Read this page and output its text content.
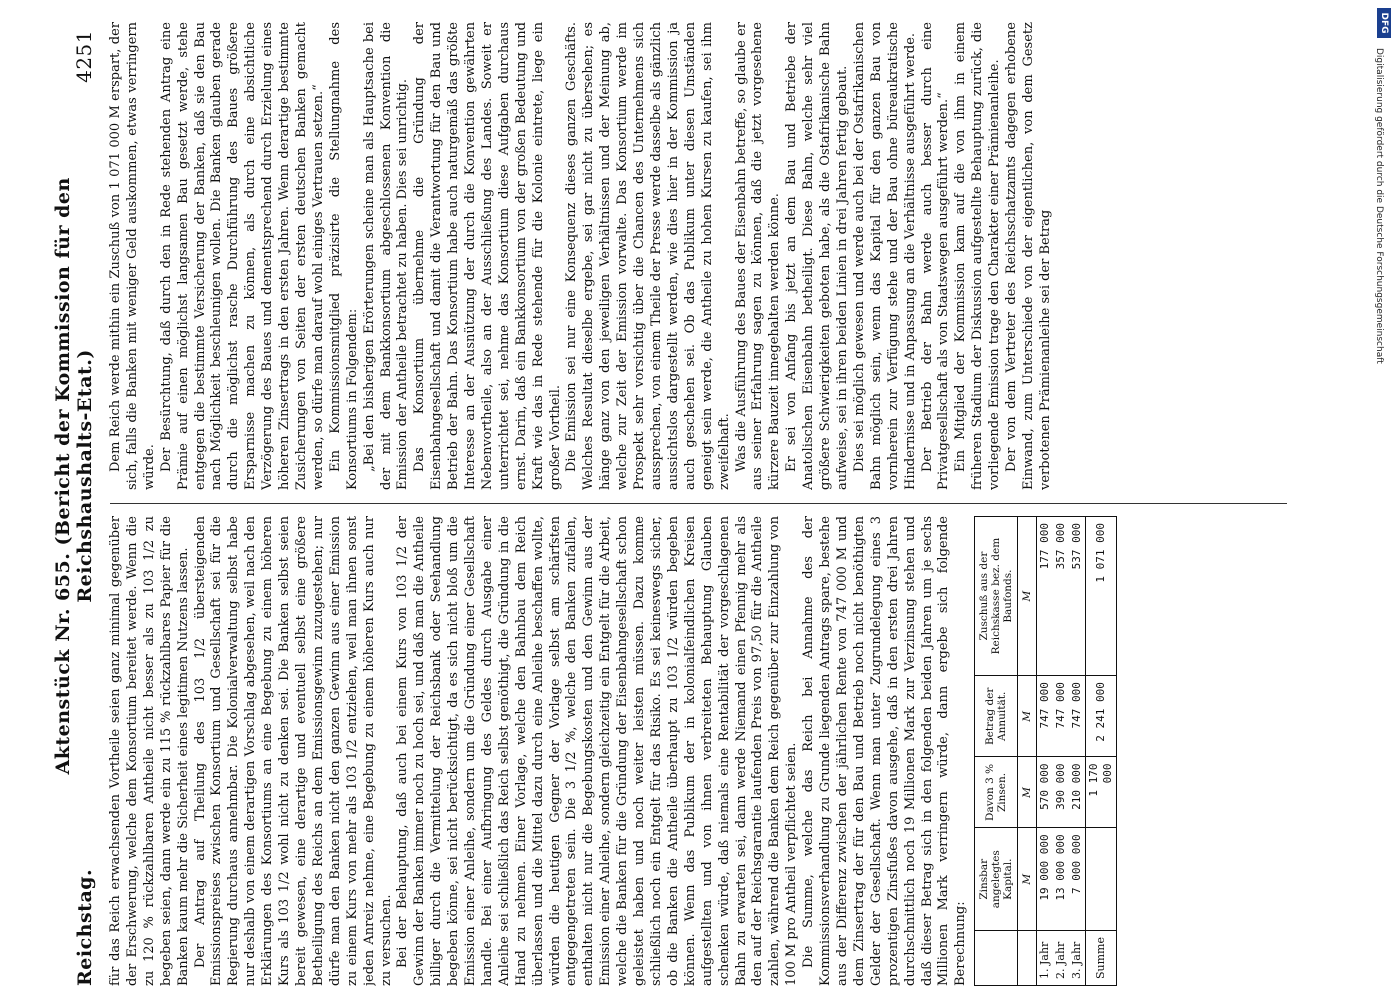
Reichstag.
Aktenstück Nr. 655. (Bericht der Kommission für den Reichshaushalts-Etat.)
4251

für das Reich erwachsenden Vortheile seien ganz minimal gegenüber der Erschwerung, welche dem Konsortium bereitet werde. Wenn die zu 120 % rückzahlbaren Antheile nicht besser als zu 103 1/2 zu begeben seien, dann werde ein zu 115 % rückzahlbares Papier für die Banken kaum mehr die Sicherheit eines legitimen Nutzens lassen. Der Antrag auf Theilung des 103 1/2 übersteigenden Emissionspreises zwischen Konsortium und Gesellschaft sei für die Regierung durchaus annehmbar. Die Kolonialverwaltung selbst habe nur deshalb von einem derartigen Vorschlag abgesehen, weil nach den Erklärungen des Konsortiums an eine Begebung zu einem höheren Kurs als 103 1/2 wohl nicht zu denken sei. Die Banken selbst seien bereit gewesen, eine derartige und eventuell selbst eine größere Betheiligung des Reichs an dem Emissionsgewinn zuzugestehen; nur dürfe man den Banken nicht den ganzen Gewinn aus einer Emission zu einem Kurs von mehr als 103 1/2 entziehen, weil man ihnen sonst jeden Anreiz nehme, eine Begebung zu einem höheren Kurs auch nur zu versuchen. Bei der Behauptung, daß auch bei einem Kurs von 103 1/2 der Gewinn der Banken immer noch zu hoch sei, und daß man die Antheile billiger durch die Vermittelung der Reichsbank oder Seehandlung begeben könne, sei nicht berücksichtigt, da es sich nicht bloß um die Emission einer Anleihe, sondern um die Gründung einer Gesellschaft handle. Bei einer Aufbringung des Geldes durch Ausgabe einer Anleihe sei schließlich das Reich selbst genöthigt, die Gründung in die Hand zu nehmen. Einer Vorlage, welche den Bahnbau dem Reich überlassen und die Mittel dazu durch eine Anleihe beschaffen wollte, würden die heutigen Gegner der Vorlage selbst am schärfsten entgegengetreten sein. Die 3 1/2 %, welche den Banken zufallen, enthalten nicht nur die Begebungskosten und den Gewinn aus der Emission einer Anleihe, sondern gleichzeitig ein Entgelt für die Arbeit, welche die Banken für die Gründung der Eisenbahngesellschaft schon geleistet haben und noch weiter leisten müssen. Dazu komme schließlich noch ein Entgelt für das Risiko. Es sei keineswegs sicher, ob die Banken die Antheile überhaupt zu 103 1/2 würden begeben können. Wenn das Publikum der in kolonialfeindlichen Kreisen aufgestellten und von ihnen verbreiteten Behauptung Glauben schenken würde, daß niemals eine Rentabilität der vorgeschlagenen Bahn zu erwarten sei, dann werde Niemand einen Pfennig mehr als den auf der Reichsgarantie laufenden Preis von 97,50 für die Antheile zahlen, während die Banken dem Reich gegenüber zur Einzahlung von 100 M pro Antheil verpflichtet seien. Die Summe, welche das Reich bei Annahme des der Kommissionsverhandlung zu Grunde liegenden Antrags spare, bestehe aus der Differenz zwischen der jährlichen Rente von 747 000 M und dem Zinsertrag der für den Bau und Betrieb noch nicht benöthigten Gelder der Gesellschaft. Wenn man unter Zugrundelegung eines 3 prozentigen Zinsfußes davon ausgehe, daß in den ersten drei Jahren durchschnittlich noch 19 Millionen Mark zur Verzinsung stehen und daß dieser Betrag sich in den folgenden beiden Jahren um je sechs Millionen Mark verringern würde, dann ergebe sich folgende Berechnung:

	Zinsbar angelegtes Kapital.	Davon 3 % Zinsen.	Betrag der Annuität.	Zuschuß aus der Reichskasse bez. dem Baufonds.
	M	M	M	M
1. Jahr	19 000 000	570 000	747 000	177 000
2. Jahr	13 000 000	390 000	747 000	357 000
3. Jahr	7 000 000	210 000	747 000	537 000
Summe		1 170 000	2 241 000	1 071 000

Dem Reich werde mithin ein Zuschuß von 1 071 000 M erspart, der sich, falls die Banken mit weniger Geld auskommen, etwas verringern würde. Der Besürchtung, daß durch den in Rede stehenden Antrag eine Prämie auf einen möglichst langsamen Bau gesetzt werde, stehe entgegen die bestimmte Versicherung der Banken, daß sie den Bau nach Möglichkeit beschleunigen wollen. Die Banken glauben gerade durch die möglichst rasche Durchführung des Baues größere Ersparnisse machen zu können, als durch eine absichtliche Verzögerung des Baues und dementsprechend durch Erzielung eines höheren Zinsertrags in den ersten Jahren. Wenn derartige bestimmte Zusicherungen von Seiten der ersten deutschen Banken gemacht werden, so dürfe man darauf wohl einiges Vertrauen setzen.“ Ein Kommissionsmitglied präzisirte die Stellungnahme des Konsortiums in Folgendem: „Bei den bisherigen Erörterungen scheine man als Hauptsache bei der mit dem Bankkonsortium abgeschlossenen Konvention die Emission der Antheile betrachtet zu haben. Dies sei unrichtig. Das Konsortium übernehme die Gründung der Eisenbahngesellschaft und damit die Verantwortung für den Bau und Betrieb der Bahn. Das Konsortium habe auch naturgemäß das größte Interesse an der Ausnützung der durch die Konvention gewährten Nebenvortheile, also an der Ausschließung des Landes. Soweit er unterrichtet sei, nehme das Konsortium diese Aufgaben durchaus ernst. Darin, daß ein Bankkonsortium von der großen Bedeutung und Kraft wie das in Rede stehende für die Kolonie eintrete, liege ein großer Vortheil. Die Emission sei nur eine Konsequenz dieses ganzen Geschäfts. Welches Resultat dieselbe ergebe, sei gar nicht zu übersehen; es hänge ganz von den jeweiligen Verhältnissen und der Meinung ab, welche zur Zeit der Emission vorwalte. Das Konsortium werde im Prospekt sehr vorsichtig über die Chancen des Unternehmens sich aussprechen, von einem Theile der Presse werde dasselbe als gänzlich aussichtslos dargestellt werden, wie dies hier in der Kommission ja auch geschehen sei. Ob das Publikum unter diesen Umständen geneigt sein werde, die Antheile zu hohen Kursen zu kaufen, sei ihm zweifelhaft. Was die Ausführung des Baues der Eisenbahn betreffe, so glaube er aus seiner Erfahrung sagen zu können, daß die jetzt vorgesehene kürzere Bauzeit innegehalten werden könne. Er sei von Anfang bis jetzt an dem Bau und Betriebe der Anatolischen Eisenbahn betheiligt. Diese Bahn, welche sehr viel größere Schwierigkeiten geboten habe, als die Ostafrikanische Bahn aufweise, sei in ihren beiden Linien in drei Jahren fertig gebaut. Dies sei möglich gewesen und werde auch bei der Ostafrikanischen Bahn möglich sein, wenn das Kapital für den ganzen Bau von vornherein zur Verfügung stehe und der Bau ohne büreaukratische Hindernisse und in Anpassung an die Verhältnisse ausgeführt werde. Der Betrieb der Bahn werde auch besser durch eine Privatgesellschaft als von Staatswegen ausgeführt werden.“ Ein Mitglied der Kommission kam auf die von ihm in einem früheren Stadium der Diskussion aufgestellte Behauptung zurück, die vorliegende Emission trage den Charakter einer Prämienanleihe. Der von dem Vertreter des Reichsschatzamts dagegen erhobene Einwand, zum Unterschiede von der eigentlichen, von dem Gesetz verbotenen Prämienanleihe sei der Betrag

DFG
Digitalisierung gefördert durch die Deutsche Forschungsgemeinschaft
